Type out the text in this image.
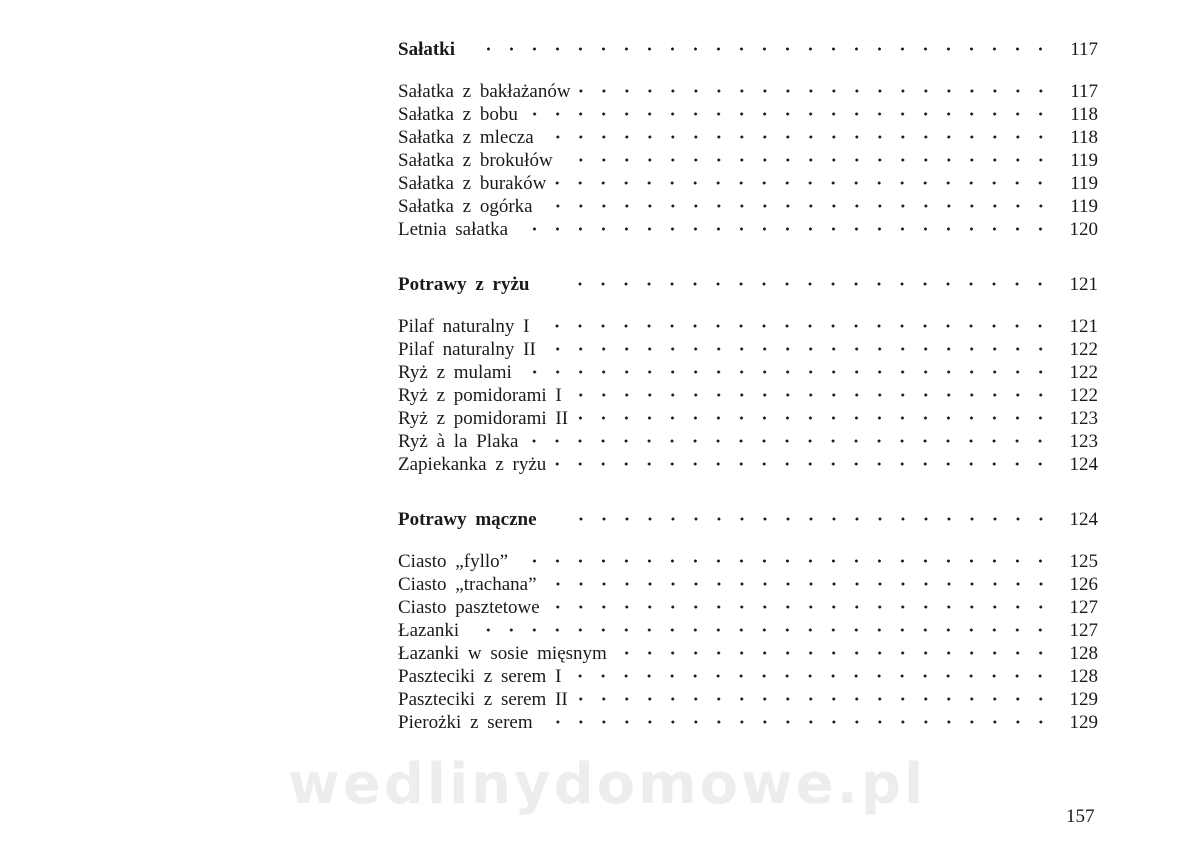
Sałatki	117
Sałatka z bakłażanów	117
Sałatka z bobu	118
Sałatka z mlecza	118
Sałatka z brokułów	119
Sałatka z buraków	119
Sałatka z ogórka	119
Letnia sałatka	120
Potrawy z ryżu	121
Pilaf naturalny I	121
Pilaf naturalny II	122
Ryż z mulami	122
Ryż z pomidorami I	122
Ryż z pomidorami II	123
Ryż à la Plaka	123
Zapiekanka z ryżu	124
Potrawy mączne	124
Ciasto „fyllo”	125
Ciasto „trachana”	126
Ciasto pasztetowe	127
Łazanki	127
Łazanki w sosie mięsnym	128
Paszteciki z serem I	128
Paszteciki z serem II	129
Pierożki z serem	129
wedlinydomowe.pl	157
